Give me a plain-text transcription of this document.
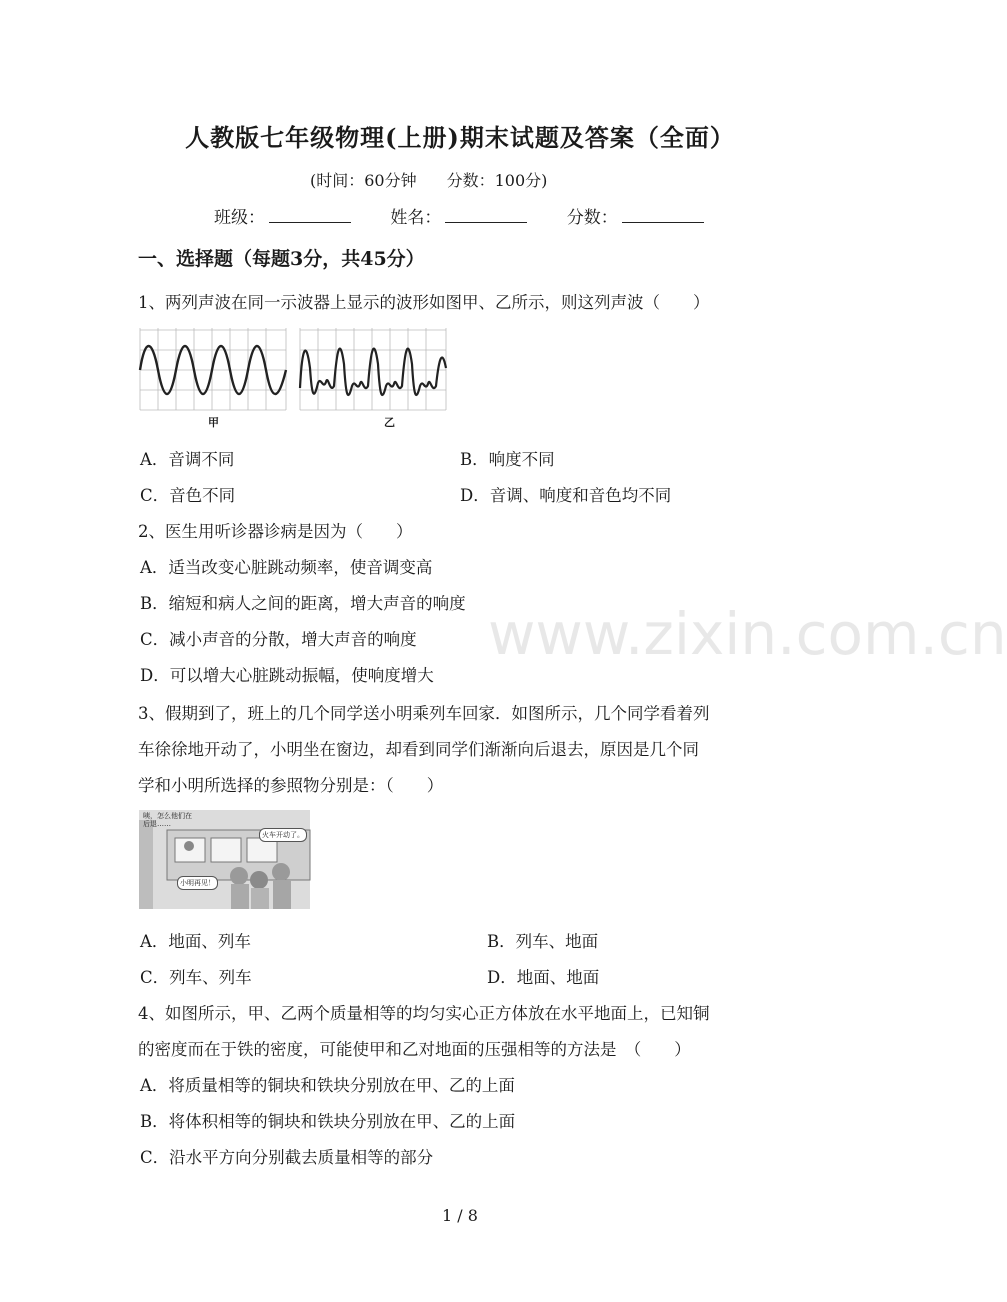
人教版七年级物理(上册)期末试题及答案（全面）
(时间：60分钟 分数：100分)
班级：	姓名：	分数：
一、选择题（每题3分，共45分）
1、两列声波在同一示波器上显示的波形如图甲、乙所示，则这列声波（　　）
甲	乙
A．音调不同	B．响度不同
C．音色不同	D．音调、响度和音色均不同
2、医生用听诊器诊病是因为（　　）
A．适当改变心脏跳动频率，使音调变高
B．缩短和病人之间的距离，增大声音的响度
C．减小声音的分散，增大声音的响度
D．可以增大心脏跳动振幅，使响度增大
www.zixin.com.cn
3、假期到了，班上的几个同学送小明乘列车回家．如图所示，几个同学看着列
车徐徐地开动了，小明坐在窗边，却看到同学们渐渐向后退去，原因是几个同
学和小明所选择的参照物分别是：（　　）
咦，怎么他们在后退……
火车开动了。
小明再见！
A．地面、列车	B．列车、地面
C．列车、列车	D．地面、地面
4、如图所示，甲、乙两个质量相等的均匀实心正方体放在水平地面上，已知铜
的密度而在于铁的密度，可能使甲和乙对地面的压强相等的方法是　（　　）
A．将质量相等的铜块和铁块分别放在甲、乙的上面
B．将体积相等的铜块和铁块分别放在甲、乙的上面
C．沿水平方向分别截去质量相等的部分
1 / 8
